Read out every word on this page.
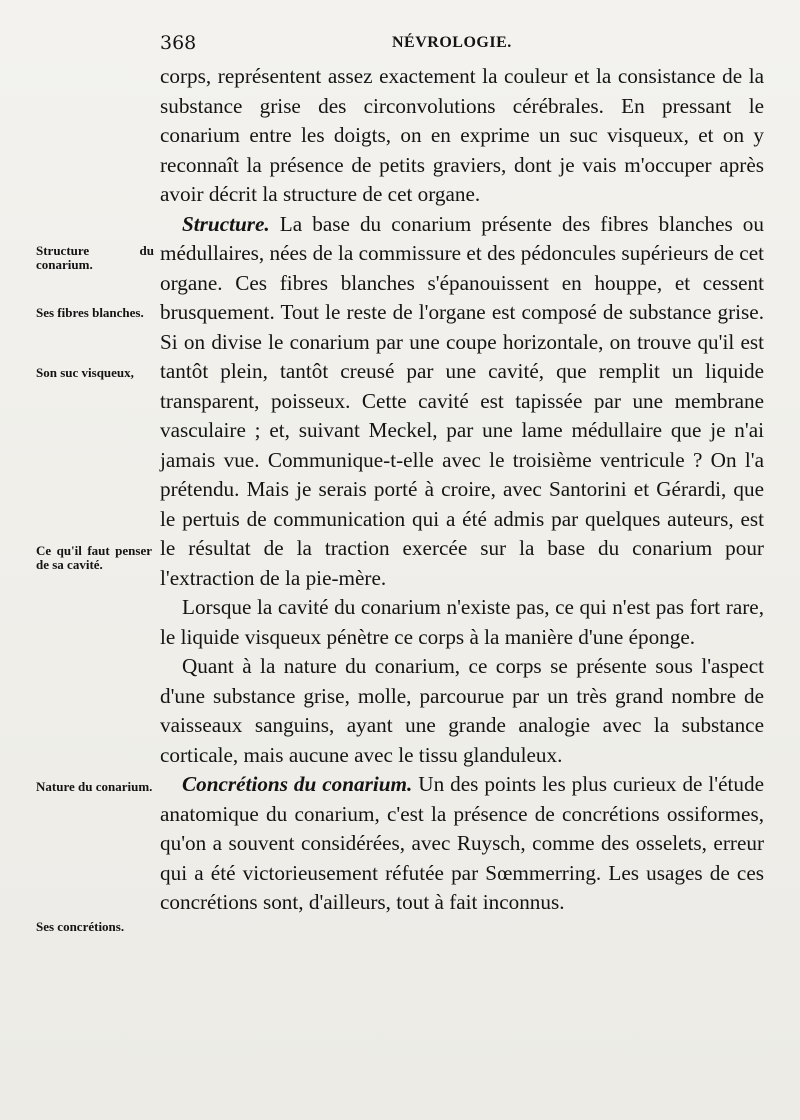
368	NÉVROLOGIE.
Structure du conarium.
Ses fibres blanches.
Son suc visqueux,
Ce qu'il faut penser de sa cavité.
Nature du conarium.
Ses concrétions.

corps, représentent assez exactement la couleur et la consistance de la substance grise des circonvolutions cérébrales. En pressant le conarium entre les doigts, on en exprime un suc visqueux, et on y reconnaît la présence de petits graviers, dont je vais m'occuper après avoir décrit la structure de cet organe.

Structure. La base du conarium présente des fibres blanches ou médullaires, nées de la commissure et des pédoncules supérieurs de cet organe. Ces fibres blanches s'épanouissent en houppe, et cessent brusquement. Tout le reste de l'organe est composé de substance grise. Si on divise le conarium par une coupe horizontale, on trouve qu'il est tantôt plein, tantôt creusé par une cavité, que remplit un liquide transparent, poisseux. Cette cavité est tapissée par une membrane vasculaire ; et, suivant Meckel, par une lame médullaire que je n'ai jamais vue. Communique-t-elle avec le troisième ventricule ? On l'a prétendu. Mais je serais porté à croire, avec Santorini et Gérardi, que le pertuis de communication qui a été admis par quelques auteurs, est le résultat de la traction exercée sur la base du conarium pour l'extraction de la pie-mère.

Lorsque la cavité du conarium n'existe pas, ce qui n'est pas fort rare, le liquide visqueux pénètre ce corps à la manière d'une éponge.

Quant à la nature du conarium, ce corps se présente sous l'aspect d'une substance grise, molle, parcourue par un très grand nombre de vaisseaux sanguins, ayant une grande analogie avec la substance corticale, mais aucune avec le tissu glanduleux.

Concrétions du conarium. Un des points les plus curieux de l'étude anatomique du conarium, c'est la présence de concrétions ossiformes, qu'on a souvent considérées, avec Ruysch, comme des osselets, erreur qui a été victorieusement réfutée par Sœmmerring. Les usages de ces concrétions sont, d'ailleurs, tout à fait inconnus.
